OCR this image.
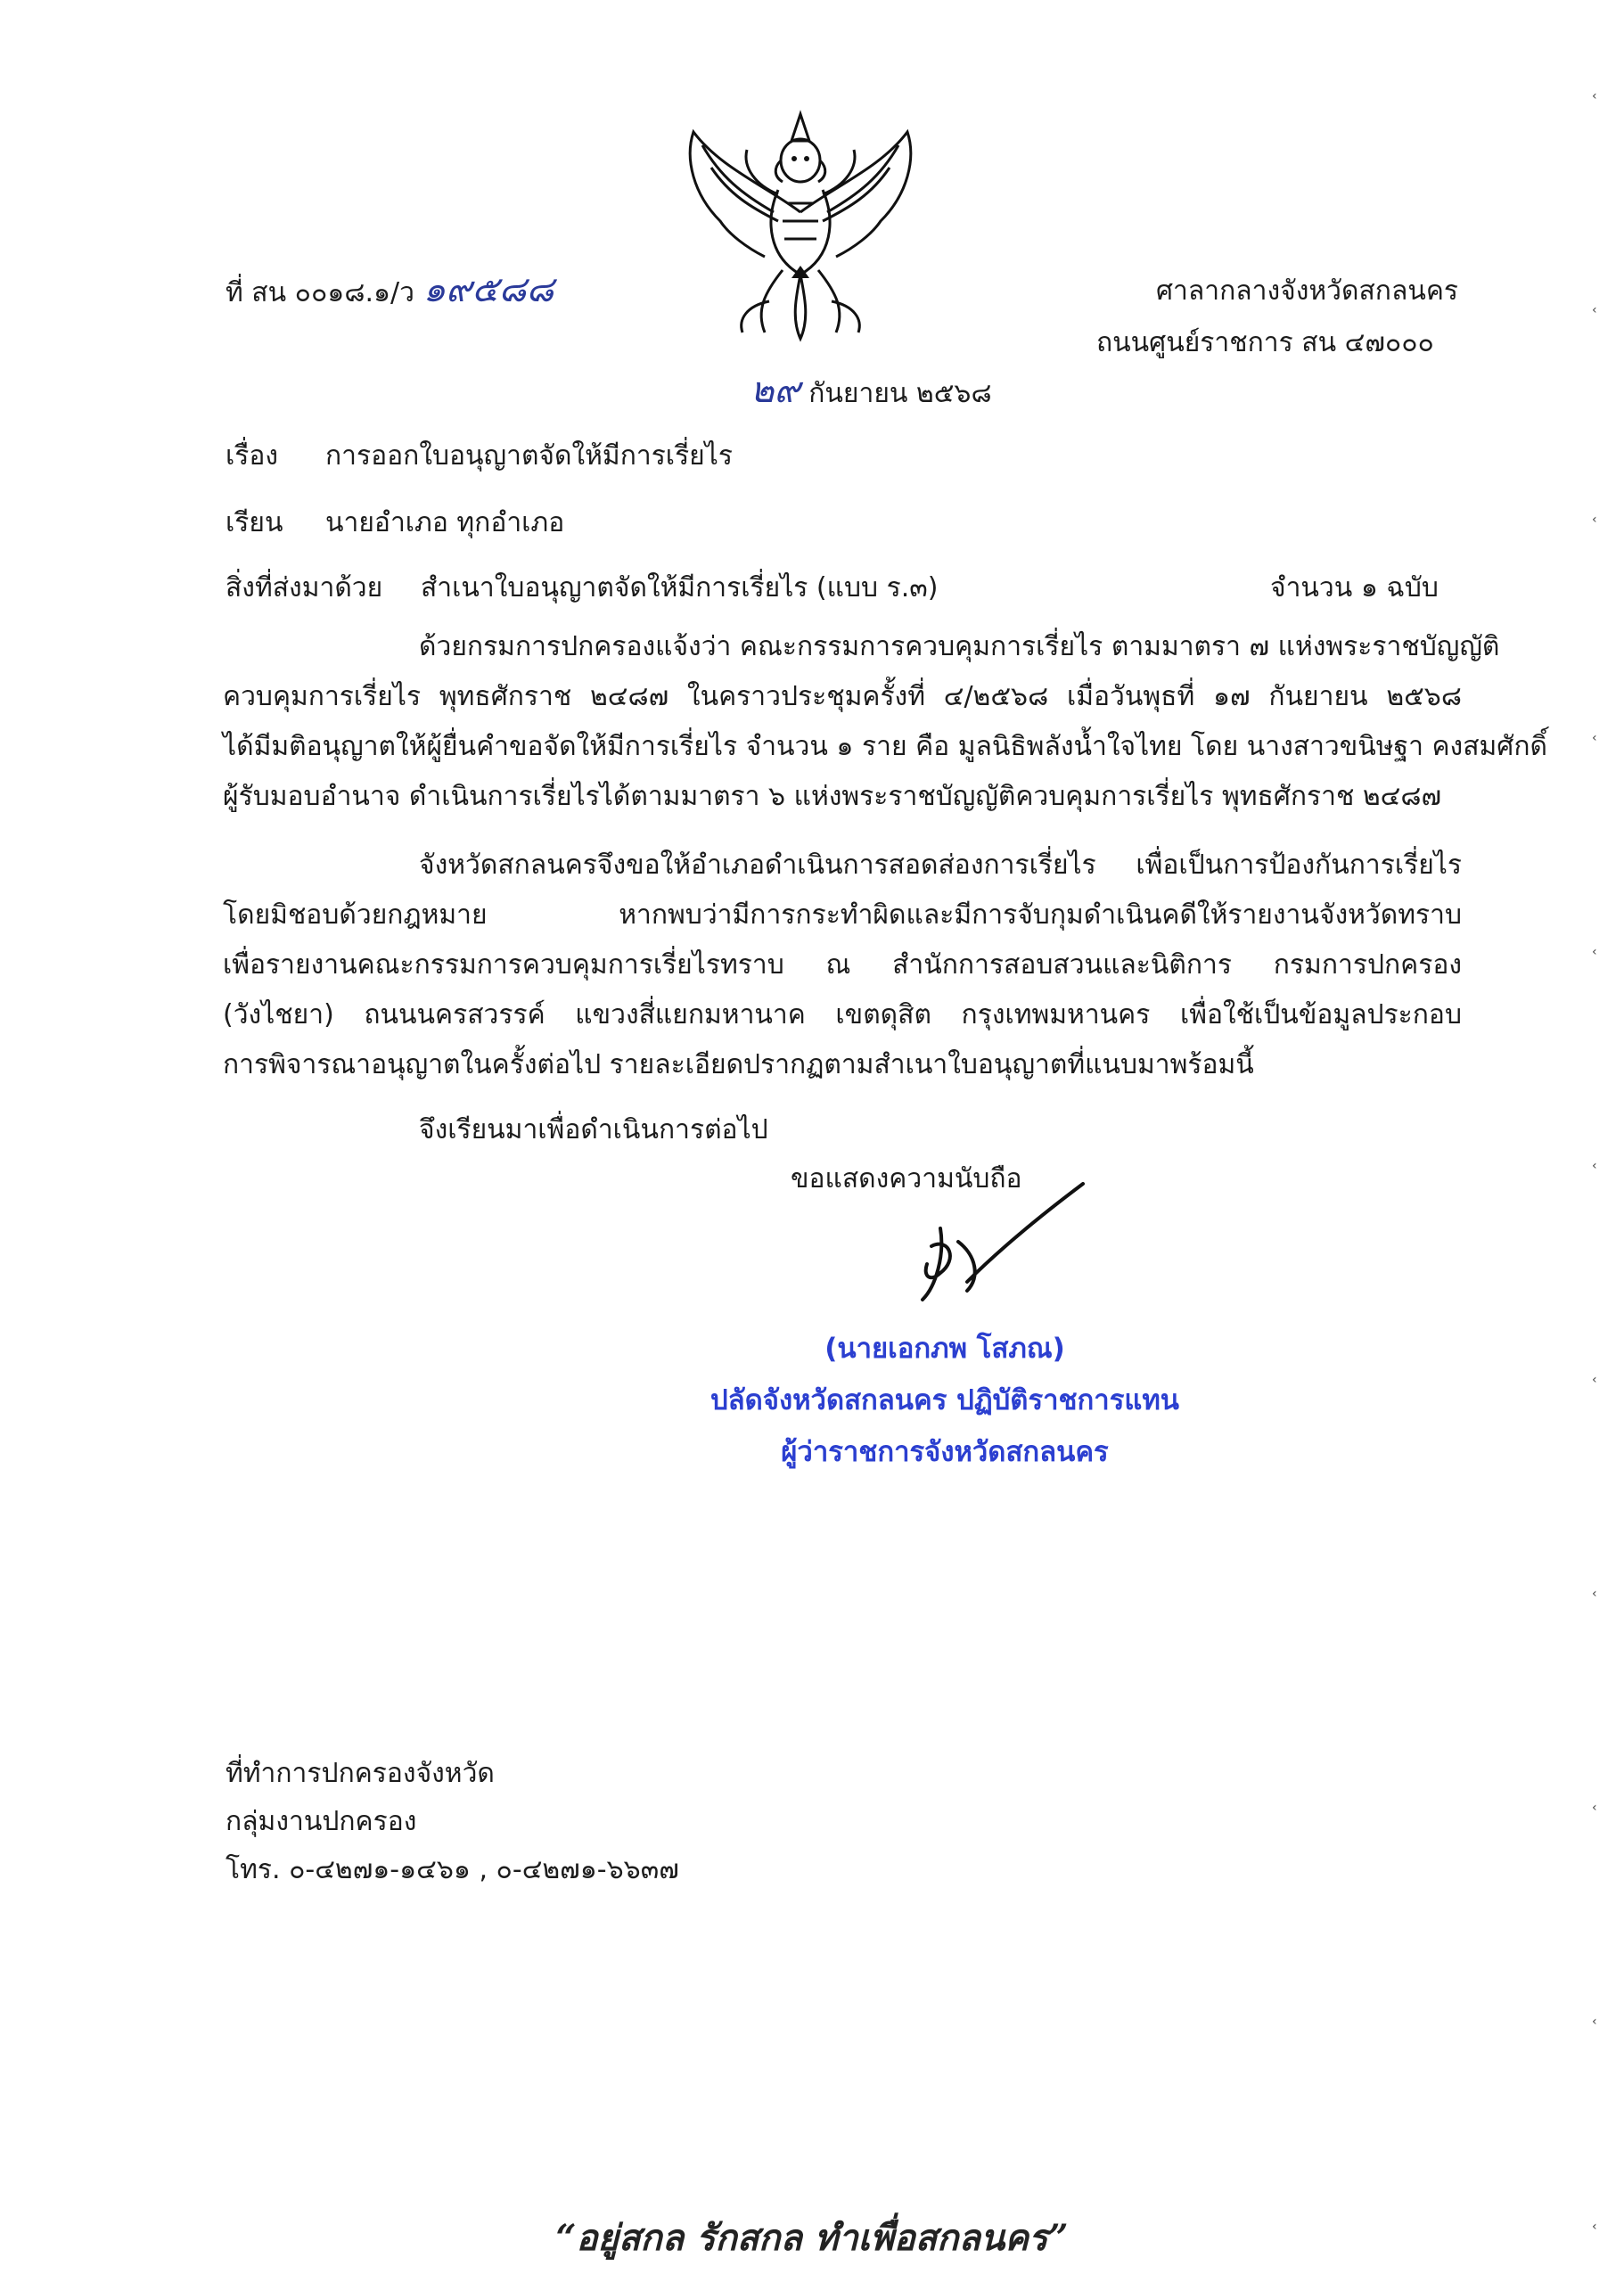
ที่ สน ๐๐๑๘.๑/ว ๑๙๕๘๘	ศาลากลางจังหวัดสกลนคร
ถนนศูนย์ราชการ สน ๔๗๐๐๐
๒๙ กันยายน ๒๕๖๘
เรื่อง การออกใบอนุญาตจัดให้มีการเรี่ยไร
เรียน นายอำเภอ ทุกอำเภอ
สิ่งที่ส่งมาด้วย สำเนาใบอนุญาตจัดให้มีการเรี่ยไร (แบบ ร.๓)	จำนวน ๑ ฉบับ
ด้วยกรมการปกครองแจ้งว่า คณะกรรมการควบคุมการเรี่ยไร ตามมาตรา ๗ แห่งพระราชบัญญัติ
ควบคุมการเรี่ยไร พุทธศักราช ๒๔๘๗ ในคราวประชุมครั้งที่ ๔/๒๕๖๘ เมื่อวันพุธที่ ๑๗ กันยายน ๒๕๖๘
ได้มีมติอนุญาตให้ผู้ยื่นคำขอจัดให้มีการเรี่ยไร จำนวน ๑ ราย คือ มูลนิธิพลังน้ำใจไทย โดย นางสาวขนิษฐา คงสมศักดิ์
ผู้รับมอบอำนาจ ดำเนินการเรี่ยไรได้ตามมาตรา ๖ แห่งพระราชบัญญัติควบคุมการเรี่ยไร พุทธศักราช ๒๔๘๗
จังหวัดสกลนครจึงขอให้อำเภอดำเนินการสอดส่องการเรี่ยไร เพื่อเป็นการป้องกันการเรี่ยไร
โดยมิชอบด้วยกฎหมาย หากพบว่ามีการกระทำผิดและมีการจับกุมดำเนินคดีให้รายงานจังหวัดทราบ
เพื่อรายงานคณะกรรมการควบคุมการเรี่ยไรทราบ ณ สำนักการสอบสวนและนิติการ กรมการปกครอง
(วังไชยา) ถนนนครสวรรค์ แขวงสี่แยกมหานาค เขตดุสิต กรุงเทพมหานคร เพื่อใช้เป็นข้อมูลประกอบ
การพิจารณาอนุญาตในครั้งต่อไป รายละเอียดปรากฏตามสำเนาใบอนุญาตที่แนบมาพร้อมนี้
จึงเรียนมาเพื่อดำเนินการต่อไป
ขอแสดงความนับถือ
(นายเอกภพ โสภณ)
ปลัดจังหวัดสกลนคร ปฏิบัติราชการแทน
ผู้ว่าราชการจังหวัดสกลนคร
ที่ทำการปกครองจังหวัด
กลุ่มงานปกครอง
โทร. ๐-๔๒๗๑-๑๔๖๑ , ๐-๔๒๗๑-๖๖๓๗
“อยู่สกล รักสกล ทำเพื่อสกลนคร”
‹
‹
‹
‹
‹
‹
‹
‹
‹
‹
‹
